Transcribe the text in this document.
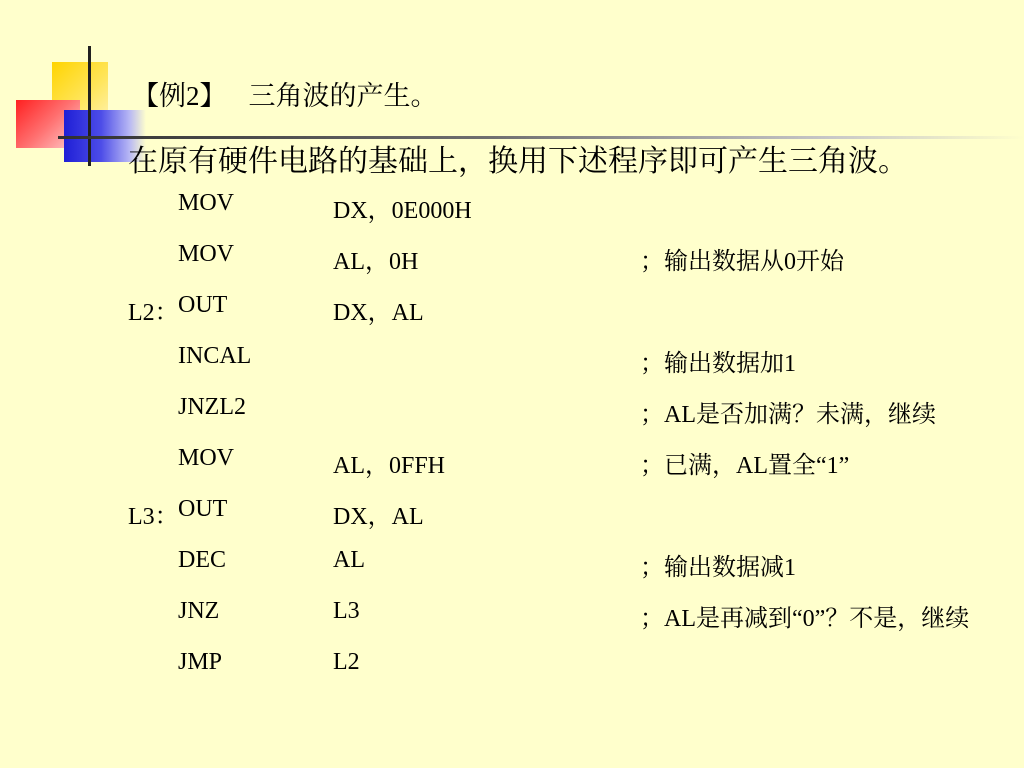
【例2】 三角波的产生。
在原有硬件电路的基础上，换用下述程序即可产生三角波。
MOV	DX，0E000H
MOV	AL，0H	；输出数据从0开始
L2： OUT	DX，AL
INCAL	；输出数据加1
JNZL2	；AL是否加满？未满，继续
MOV	AL，0FFH	；已满，AL置全“1”
L3： OUT	DX，AL
DEC	AL	；输出数据减1
JNZ	L3	；AL是再减到“0”？不是，继续
JMP	L2
